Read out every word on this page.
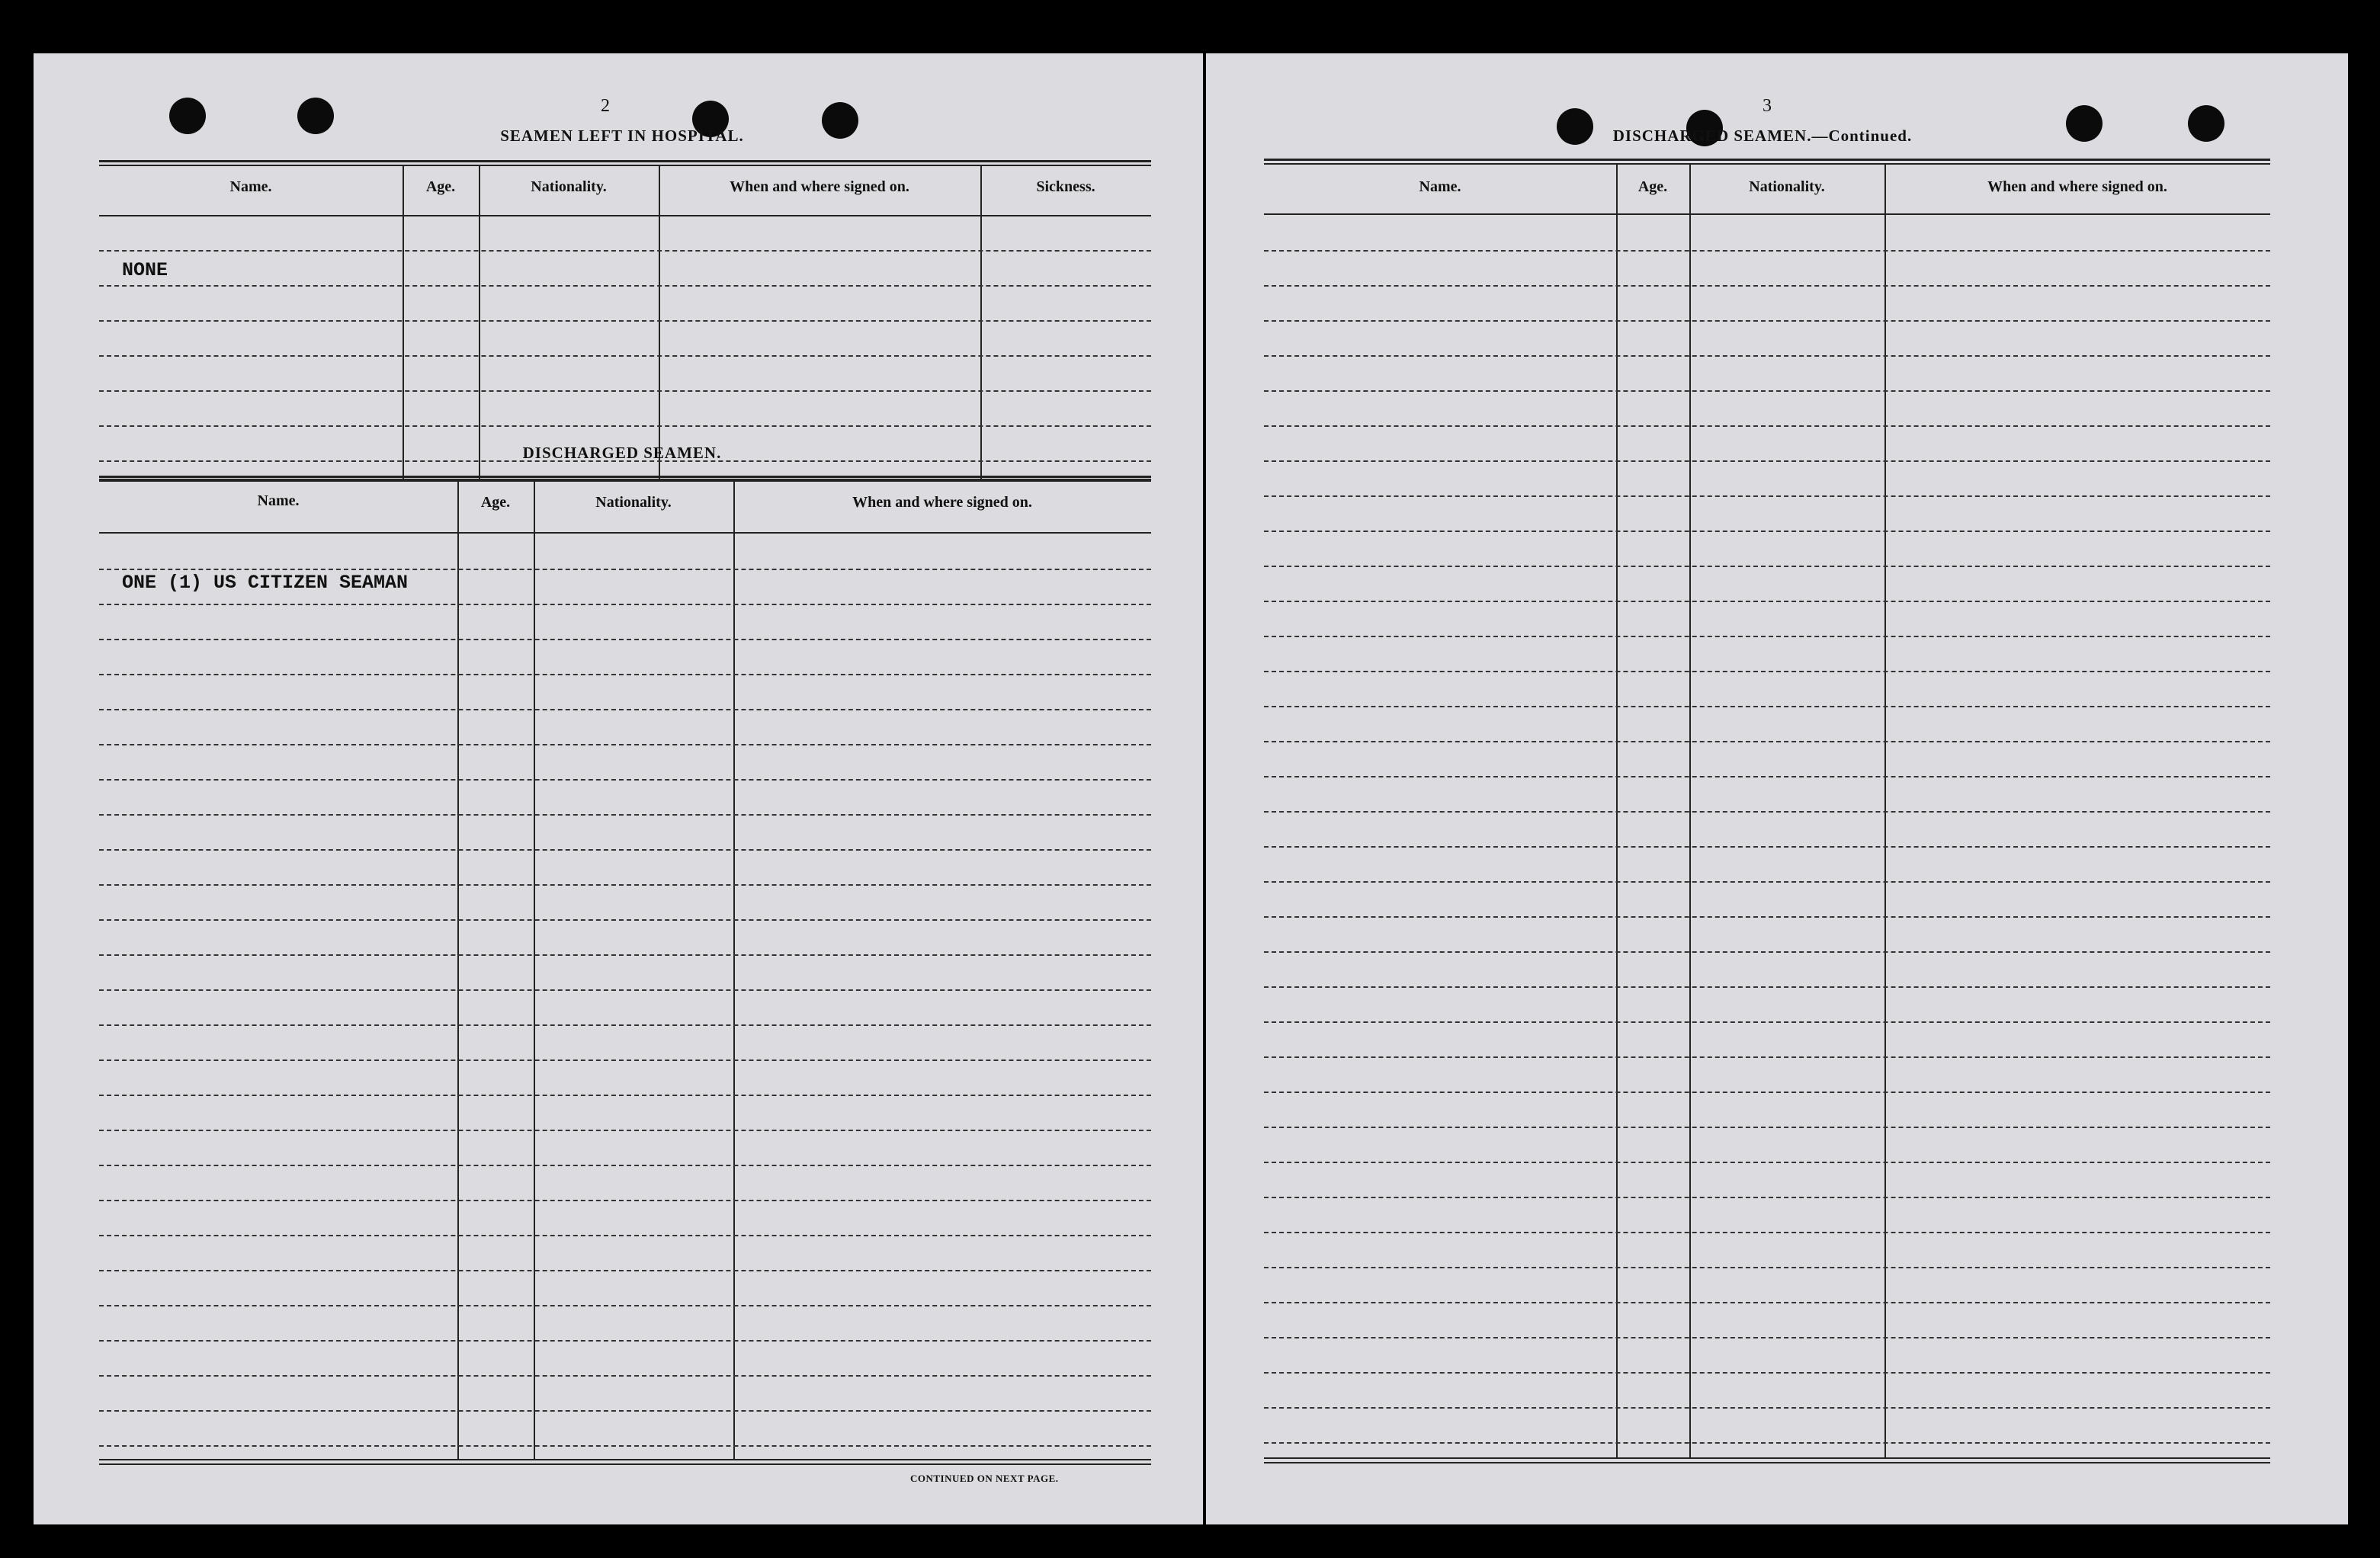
2
SEAMEN LEFT IN HOSPITAL.
Name.	Age.	Nationality.	When and where signed on.	Sickness.
NONE
DISCHARGED SEAMEN.
Name.	Age.	Nationality.	When and where signed on.
ONE (1) US CITIZEN SEAMAN
CONTINUED ON NEXT PAGE.
3
DISCHARGED SEAMEN.—Continued.
Name.	Age.	Nationality.	When and where signed on.
